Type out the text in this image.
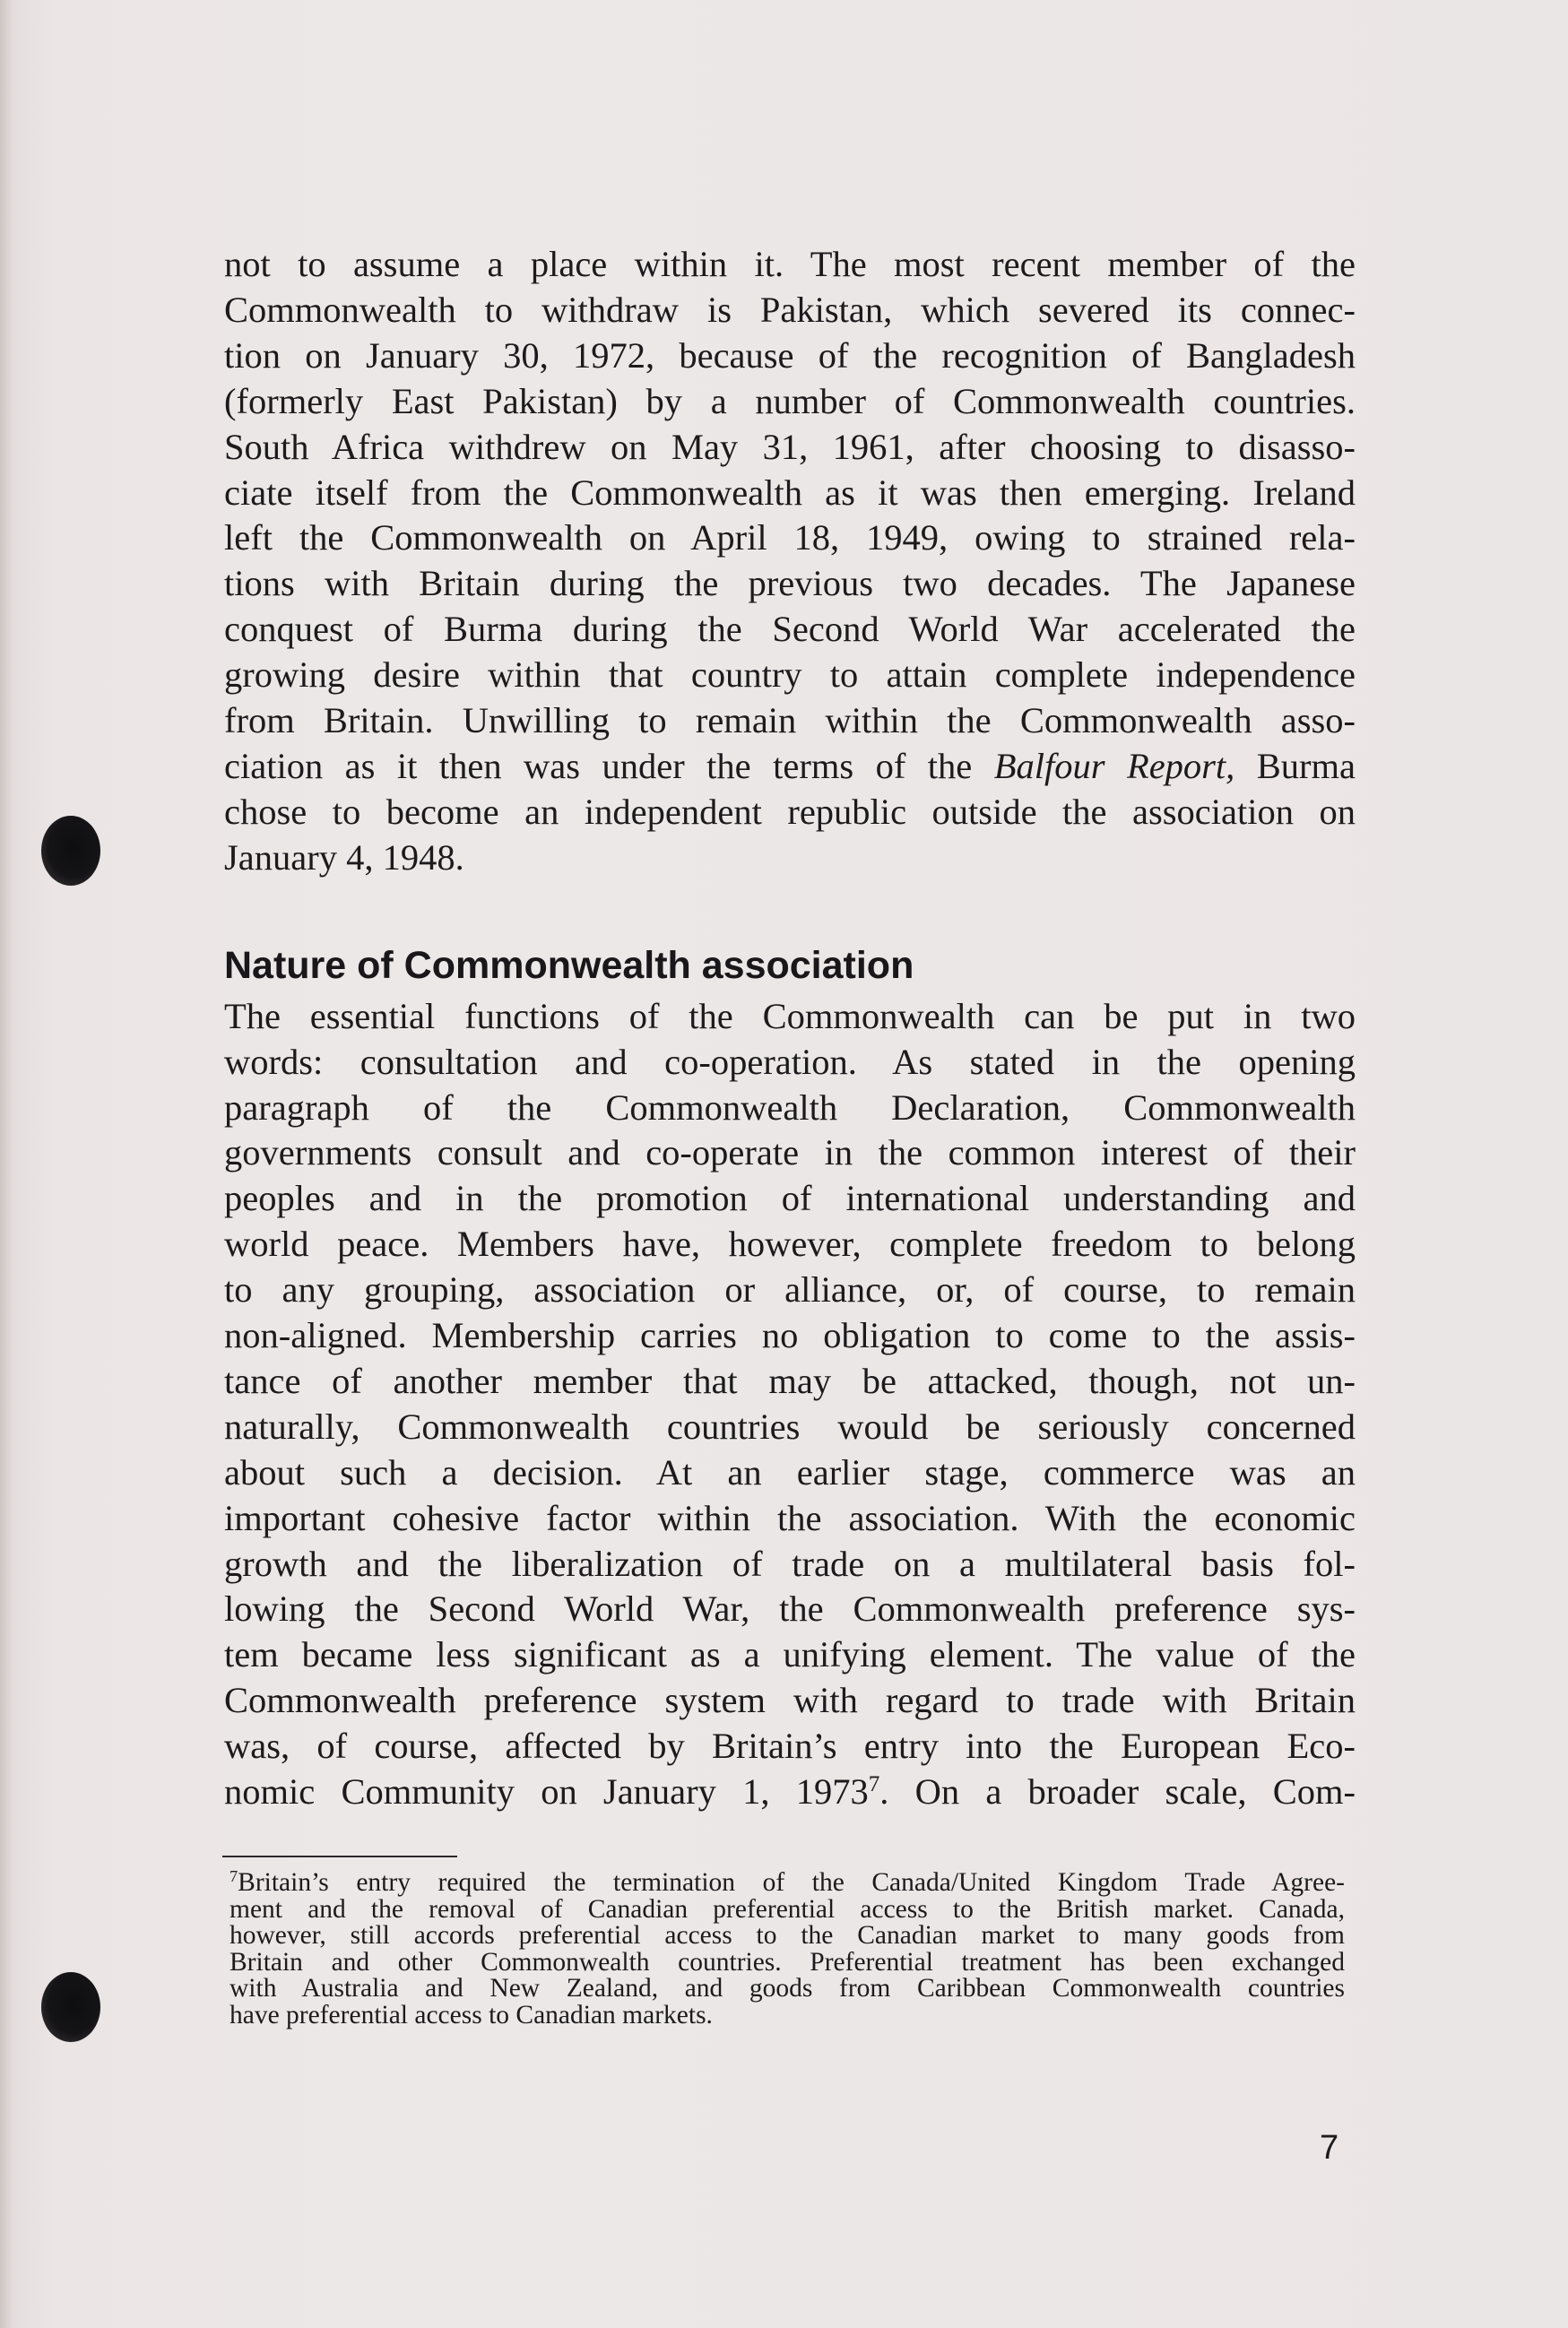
not to assume a place within it. The most recent member of the
Commonwealth to withdraw is Pakistan, which severed its connec-
tion on January 30, 1972, because of the recognition of Bangladesh
(formerly East Pakistan) by a number of Commonwealth countries.
South Africa withdrew on May 31, 1961, after choosing to disasso-
ciate itself from the Commonwealth as it was then emerging. Ireland
left the Commonwealth on April 18, 1949, owing to strained rela-
tions with Britain during the previous two decades. The Japanese
conquest of Burma during the Second World War accelerated the
growing desire within that country to attain complete independence
from Britain. Unwilling to remain within the Commonwealth asso-
ciation as it then was under the terms of the Balfour Report, Burma
chose to become an independent republic outside the association on
January 4, 1948.

Nature of Commonwealth association

The essential functions of the Commonwealth can be put in two
words: consultation and co-operation. As stated in the opening
paragraph of the Commonwealth Declaration, Commonwealth
governments consult and co-operate in the common interest of their
peoples and in the promotion of international understanding and
world peace. Members have, however, complete freedom to belong
to any grouping, association or alliance, or, of course, to remain
non-aligned. Membership carries no obligation to come to the assis-
tance of another member that may be attacked, though, not un-
naturally, Commonwealth countries would be seriously concerned
about such a decision. At an earlier stage, commerce was an
important cohesive factor within the association. With the economic
growth and the liberalization of trade on a multilateral basis fol-
lowing the Second World War, the Commonwealth preference sys-
tem became less significant as a unifying element. The value of the
Commonwealth preference system with regard to trade with Britain
was, of course, affected by Britain’s entry into the European Eco-
nomic Community on January 1, 1973$^7$. On a broader scale, Com-

$^7$Britain’s entry required the termination of the Canada/United Kingdom Trade Agree-
ment and the removal of Canadian preferential access to the British market. Canada,
however, still accords preferential access to the Canadian market to many goods from
Britain and other Commonwealth countries. Preferential treatment has been exchanged
with Australia and New Zealand, and goods from Caribbean Commonwealth countries
have preferential access to Canadian markets.
7
